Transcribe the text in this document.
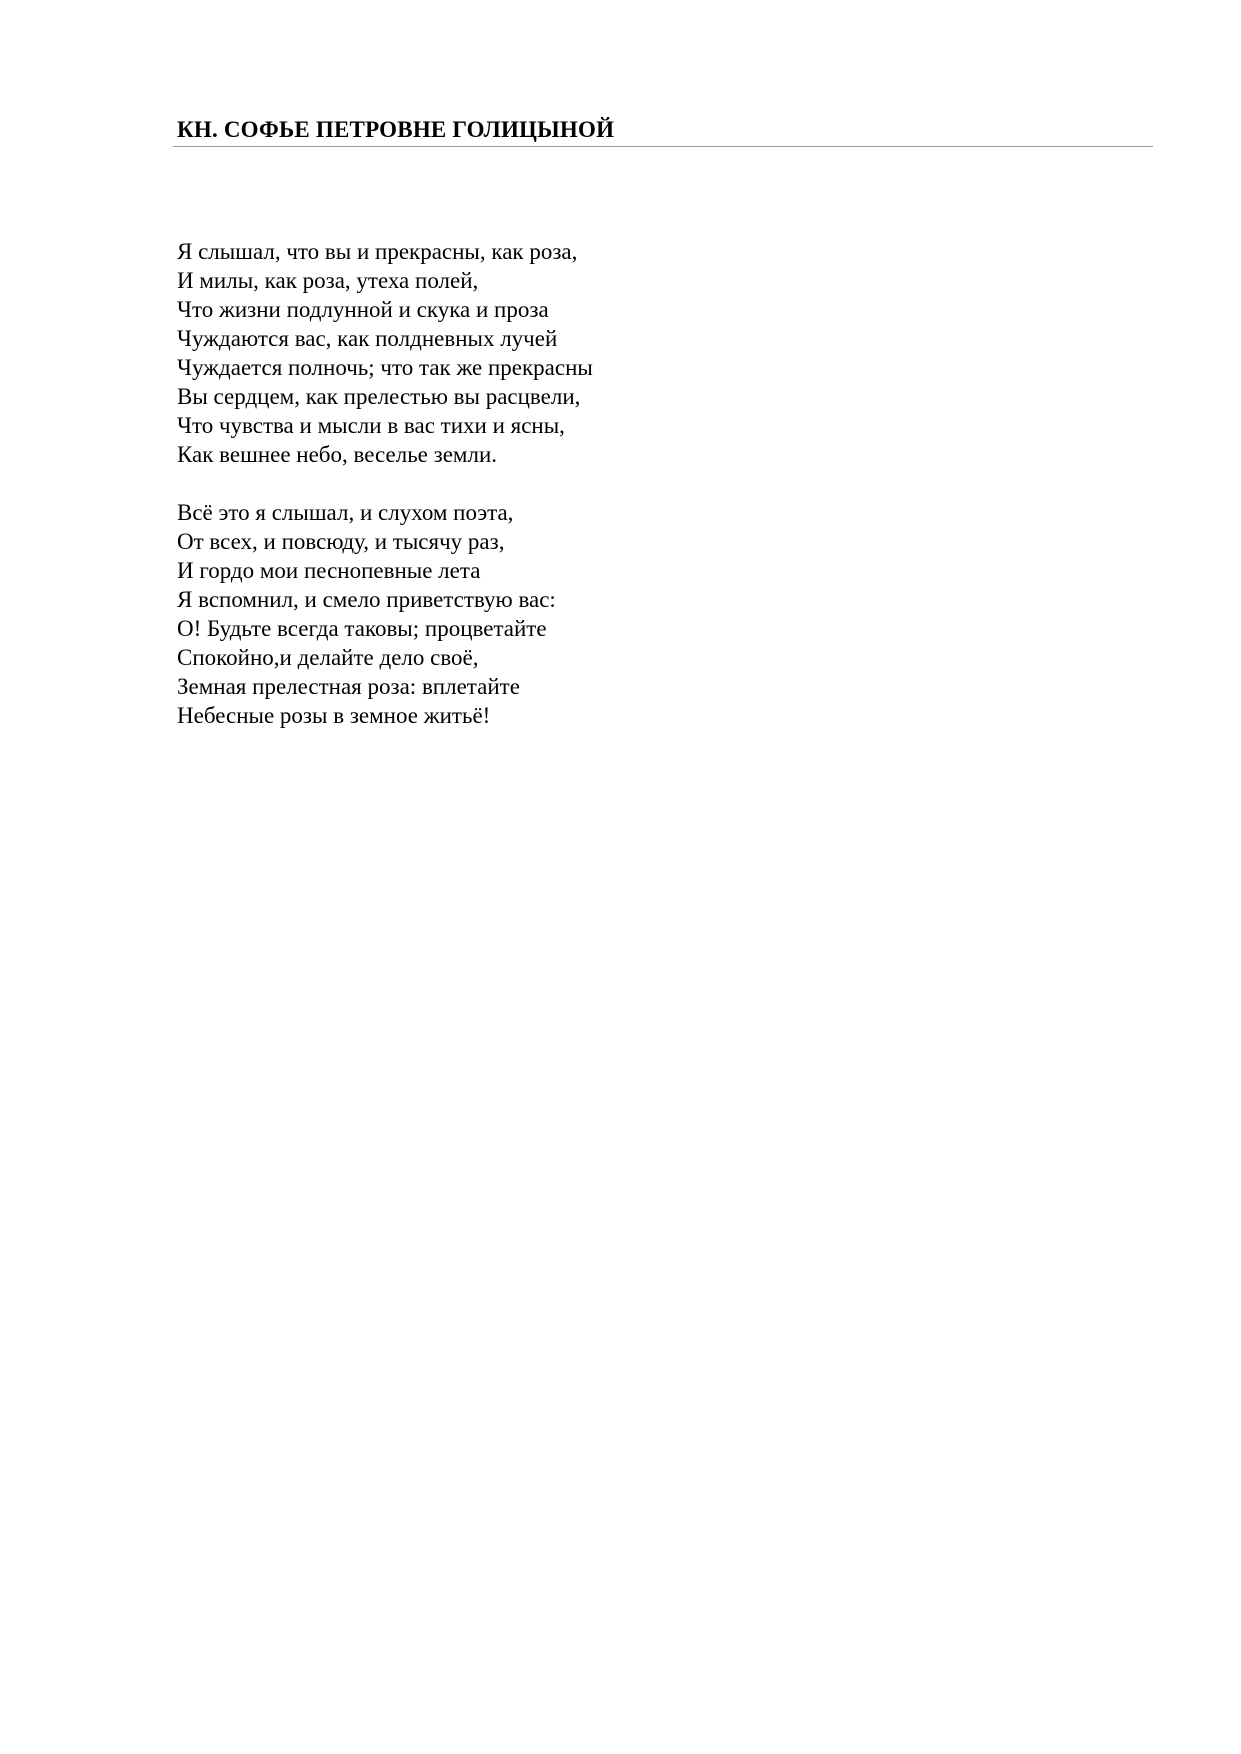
КН. СОФЬЕ ПЕТРОВНЕ ГОЛИЦЫНОЙ
Я слышал, что вы и прекрасны, как роза,
И милы, как роза, утеха полей,
Что жизни подлунной и скука и проза
Чуждаются вас, как полдневных лучей
Чуждается полночь; что так же прекрасны
Вы сердцем, как прелестью вы расцвели,
Что чувства и мысли в вас тихи и ясны,
Как вешнее небо, веселье земли.
Всё это я слышал, и слухом поэта,
От всех, и повсюду, и тысячу раз,
И гордо мои песнопевные лета
Я вспомнил, и смело приветствую вас:
О! Будьте всегда таковы; процветайте
Спокойно,и делайте дело своё,
Земная прелестная роза: вплетайте
Небесные розы в земное житьё!
